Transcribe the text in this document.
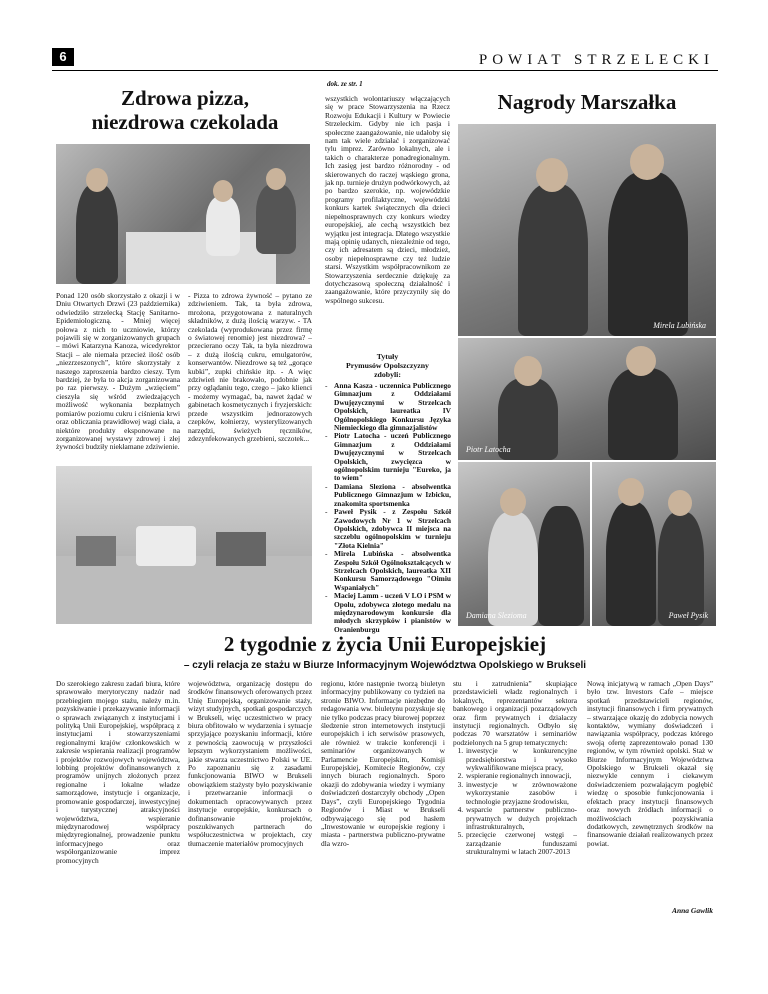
6	POWIAT STRZELECKI
Zdrowa pizza,
niezdrowa czekolada
Ponad 120 osób skorzystało z okazji i w Dniu Otwartych Drzwi (23 października) odwiedziło strzelecką Stację Sanitarno-Epidemiologiczną. - Mniej więcej połowa z nich to uczniowie, którzy pojawili się w zorganizowanych grupach – mówi Katarzyna Kanoza, wicedyrektor Stacji – ale niemała przecież ilość osób „niezrzeszonych”, które skorzystały z naszego zaproszenia bardzo cieszy. Tym bardziej, że była to akcja zorganizowana po raz pierwszy. - Dużym „wzięciem” cieszyła się wśród zwiedzających możliwość wykonania bezpłatnych pomiarów poziomu cukru i ciśnienia krwi oraz obliczania prawidłowej wagi ciała, a niektóre produkty eksponowane na zorganizowanej wystawy zdrowej i złej żywności budziły niekłamane zdziwienie.
- Pizza to zdrowa żywność – pytano ze zdziwieniem. Tak, ta była zdrowa, mrożona, przygotowana z naturalnych składników, z dużą ilością warzyw. - TA czekolada (wyprodukowana przez firmę o światowej renomie) jest niezdrowa? – przecierano oczy Tak, ta była niezdrowa – z dużą ilością cukru, emulgatorów, konserwantów. Niezdrowe są też „gorące kubki”, zupki chińskie itp. - A więc zdziwień nie brakowało, podobnie jak przy oglądaniu tego, czego – jako klienci - możemy wymagać, ba, nawet żądać w gabinetach kosmetycznych i fryzjerskich: przede wszystkim jednorazowych czepków, kołnierzy, wysterylizowanych narzędzi, świeżych ręczników, zdezynfekowanych grzebieni, szczotek...
dok. ze str. 1
wszystkich wolontariuszy włączających się w prace Stowarzyszenia na Rzecz Rozwoju Edukacji i Kultury w Powiecie Strzeleckim. Gdyby nie ich pasja i społeczne zaangażowanie, nie udałoby się nam tak wiele zdziałać i zorganizować tylu imprez. Zarówno lokalnych, ale i takich o charakterze ponadregionalnym. Ich zasięg jest bardzo różnorodny - od skierowanych do raczej wąskiego grona, jak np. turnieje drużyn podwórkowych, aż po bardzo szerokie, np. wojewódzkie programy profilaktyczne, wojewódzki konkurs kartek świątecznych dla dzieci niepełnosprawnych czy konkurs wiedzy europejskiej, ale cechą wszystkich bez wyjątku jest integracja. Dlatego wszystkie mają opinię udanych, niezależnie od tego, czy ich adresatem są dzieci, młodzież, osoby niepełnosprawne czy też ludzie starsi. Wszystkim współpracownikom ze Stowarzyszenia serdecznie dziękuję za dotychczasową społeczną działalność i zaangażowanie, które przyczyniły się do wspólnego sukcesu.
Tytuły
Prymusów Opolszczyzny
zdobyli:
- Anna Kasza - uczennica Publicznego Gimnazjum z Oddziałami Dwujęzycznymi w Strzelcach Opolskich, laureatka IV Ogólnopolskiego Konkursu Języka Niemieckiego dla gimnazjalistów
- Piotr Latocha - uczeń Publicznego Gimnazjum z Oddziałami Dwujęzycznymi w Strzelcach Opolskich, zwycięzca w ogólnopolskim turnieju "Eureko, ja to wiem"
- Damiana Sleziona - absolwentka Publicznego Gimnazjum w Izbicku, znakomita sportsmenka
- Paweł Pysik - z Zespołu Szkół Zawodowych Nr 1 w Strzelcach Opolskich, zdobywca II miejsca na szczeblu ogólnopolskim w turnieju "Złota Kielnia"
- Mirela Lubińska - absolwentka Zespołu Szkół Ogólnokształcących w Strzelcach Opolskich, laureatka XII Konkursu Samorządowego "Oimiu Wspaniałych"
- Maciej Lamm - uczeń V LO i PSM w Opolu, zdobywca złotego medalu na międzynarodowym konkursie dla młodych skrzypków i pianistów w Oranienburgu
Nagrody Marszałka
Mirela Lubińska
Piotr Latocha
Damiana Slezioma	Paweł Pysik
2 tygodnie z życia Unii Europejskiej
– czyli relacja ze stażu w Biurze Informacyjnym Województwa Opolskiego w Brukseli
Do szerokiego zakresu zadań biura, które sprawowało merytoryczny nadzór nad przebiegiem mojego stażu, należy m.in. pozyskiwanie i przekazywanie informacji o sprawach związanych z instytucjami i polityką Unii Europejskiej, współpracą z instytucjami i stowarzyszeniami regionalnymi krajów członkowskich w zakresie wspierania realizacji programów i projektów rozwojowych województwa, lobbing projektów dofinansowanych z programów unijnych złożonych przez regionalne i lokalne władze samorządowe, instytucje i organizacje, promowanie gospodarczej, inwestycyjnej i turystycznej atrakcyjności województwa, wspieranie międzynarodowej współpracy międzyregionalnej, prowadzenie punktu informacyjnego oraz współorganizowanie imprez promocyjnych
województwa, organizację dostępu do środków finansowych oferowanych przez Unię Europejską, organizowanie staży, wizyt studyjnych, spotkań gospodarczych w Brukseli, więc uczestnictwo w pracy biura obfitowało w wydarzenia i sytuacje sprzyjające pozyskaniu informacji, które z pewnością zaowocują w przyszłości lepszym wykorzystaniem możliwości, jakie stwarza uczestnictwo Polski w UE. Po zapoznaniu się z zasadami funkcjonowania BIWO w Brukseli obowiązkiem stażysty było pozyskiwanie i przetwarzanie informacji o dokumentach opracowywanych przez instytucje europejskie, konkursach o dofinansowanie projektów, poszukiwanych partnerach do współuczestnictwa w projektach, czy tłumaczenie materiałów promocyjnych
regionu, które następnie tworzą biuletyn informacyjny publikowany co tydzień na stronie BIWO. Informacje niezbędne do redagowania ww. biuletynu pozyskuje się nie tylko podczas pracy biurowej poprzez śledzenie stron internetowych instytucji europejskich i ich serwisów prasowych, ale również w trakcie konferencji i seminariów organizowanych w Parlamencie Europejskim, Komisji Europejskiej, Komitecie Regionów, czy innych biurach regionalnych. Sporo okazji do zdobywania wiedzy i wymiany doświadczeń dostarczyły obchody „Open Days”, czyli Europejskiego Tygodnia Regionów i Miast w Brukseli odbywającego się pod hasłem „Inwestowanie w europejskie regiony i miasta - partnerstwa publiczno-prywatne dla wzro-
stu i zatrudnienia” skupiające przedstawicieli władz regionalnych i lokalnych, reprezentantów sektora bankowego i organizacji pozarządowych oraz firm prywatnych i działaczy instytucji regionalnych. Odbyło się podczas 70 warsztatów i seminariów podzielonych na 5 grup tematycznych:
1. inwestycje w konkurencyjne przedsiębiorstwa i wysoko wykwalifikowane miejsca pracy,
2. wspieranie regionalnych innowacji,
3. inwestycje w zrównoważone wykorzystanie zasobów i technologie przyjazne środowisku,
4. wsparcie partnerstw publiczno-prywatnych w dużych projektach infrastrukturalnych,
5. przecięcie czerwonej wstęgi – zarządzanie funduszami strukturalnymi w latach 2007-2013
Nową inicjatywą w ramach „Open Days” było tzw. Investors Cafe – miejsce spotkań przedstawicieli regionów, instytucji finansowych i firm prywatnych – stwarzające okazję do zdobycia nowych kontaktów, wymiany doświadczeń i nawiązania współpracy, podczas którego swoją ofertę zaprezentowało ponad 130 regionów, w tym również opolski. Staż w Biurze Informacyjnym Województwa Opolskiego w Brukseli okazał się niezwykle cennym i ciekawym doświadczeniem pozwalającym pogłębić wiedzę o sposobie funkcjonowania i efektach pracy instytucji finansowych oraz nowych źródłach informacji o możliwościach pozyskiwania dodatkowych, zewnętrznych środków na finansowanie działań realizowanych przez powiat.
Anna Gawlik
